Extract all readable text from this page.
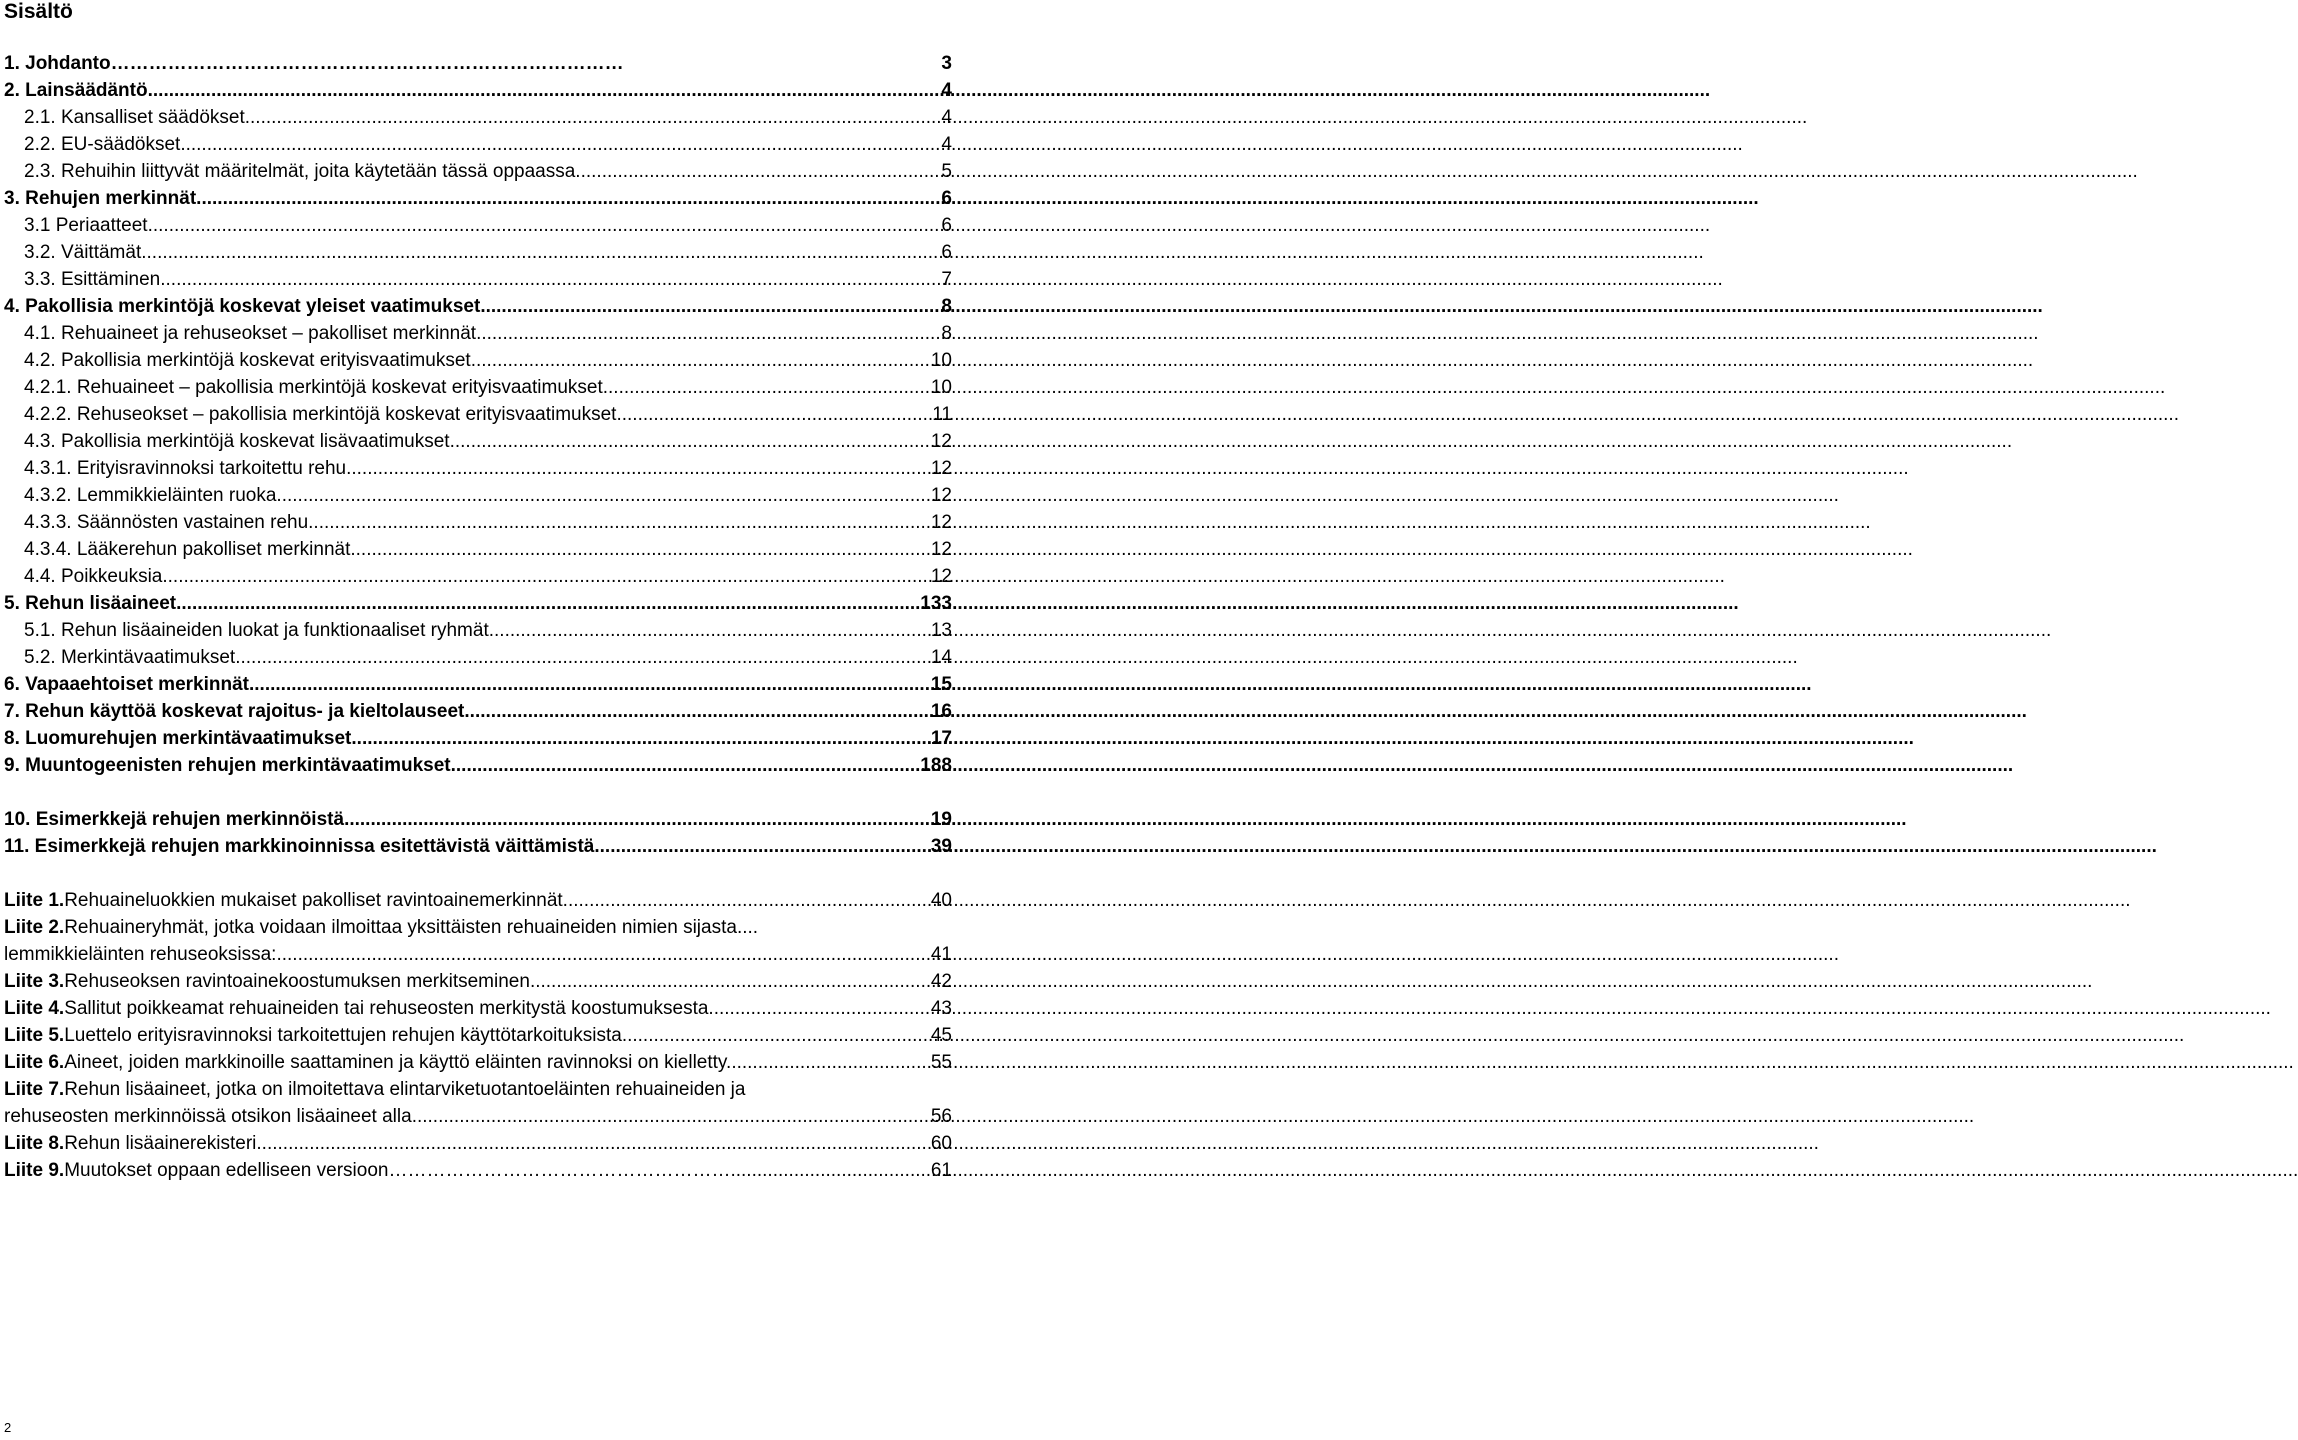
Sisältö
1. Johdanto………………………………………………………………………	3
2. Lainsäädäntö .....	4
2.1. Kansalliset säädökset .....	4
2.2. EU-säädökset .....	4
2.3. Rehuihin liittyvät määritelmät, joita käytetään tässä oppaassa .....	5
3. Rehujen merkinnät .....	6
3.1 Periaatteet .....	6
3.2. Väittämät .....	6
3.3. Esittäminen .....	7
4. Pakollisia merkintöjä koskevat yleiset vaatimukset .....	8
4.1. Rehuaineet ja rehuseokset – pakolliset merkinnät .....	8
4.2. Pakollisia merkintöjä koskevat erityisvaatimukset .....	10
4.2.1. Rehuaineet – pakollisia merkintöjä koskevat erityisvaatimukset .....	10
4.2.2. Rehuseokset – pakollisia merkintöjä koskevat erityisvaatimukset .....	11
4.3. Pakollisia merkintöjä koskevat lisävaatimukset .....	12
4.3.1. Erityisravinnoksi tarkoitettu rehu .....	12
4.3.2. Lemmikkieläinten ruoka .....	12
4.3.3. Säännösten vastainen rehu .....	12
4.3.4. Lääkerehun pakolliset merkinnät .....	12
4.4. Poikkeuksia .....	12
5. Rehun lisäaineet .....	133
5.1. Rehun lisäaineiden luokat ja funktionaaliset ryhmät .....	13
5.2. Merkintävaatimukset .....	14
6. Vapaaehtoiset merkinnät .....	15
7. Rehun käyttöä koskevat rajoitus- ja kieltolauseet .....	16
8. Luomurehujen merkintävaatimukset .....	17
9. Muuntogeenisten rehujen merkintävaatimukset .....	188
10. Esimerkkejä rehujen merkinnöistä .....	19
11. Esimerkkejä rehujen markkinoinnissa esitettävistä väittämistä .....	39
Liite 1. Rehuaineluokkien mukaiset pakolliset ravintoainemerkinnät. .....	40
Liite 2. Rehuaineryhmät, jotka voidaan ilmoittaa yksittäisten rehuaineiden nimien sijasta....
lemmikkieläinten rehuseoksissa: .....	41
Liite 3. Rehuseoksen ravintoainekoostumuksen merkitseminen .....	42
Liite 4. Sallitut poikkeamat rehuaineiden tai rehuseosten merkitystä koostumuksesta .....	43
Liite 5. Luettelo erityisravinnoksi tarkoitettujen rehujen käyttötarkoituksista .....	45
Liite 6. Aineet, joiden markkinoille saattaminen ja käyttö eläinten ravinnoksi on kielletty. .....	55
Liite 7. Rehun lisäaineet, jotka on ilmoitettava elintarviketuotantoeläinten rehuaineiden ja
rehuseosten merkinnöissä otsikon lisäaineet alla .....	56
Liite 8. Rehun lisäainerekisteri .....	60
Liite 9. Muutokset oppaan edelliseen versioon………………………………………………. .....	61
2
